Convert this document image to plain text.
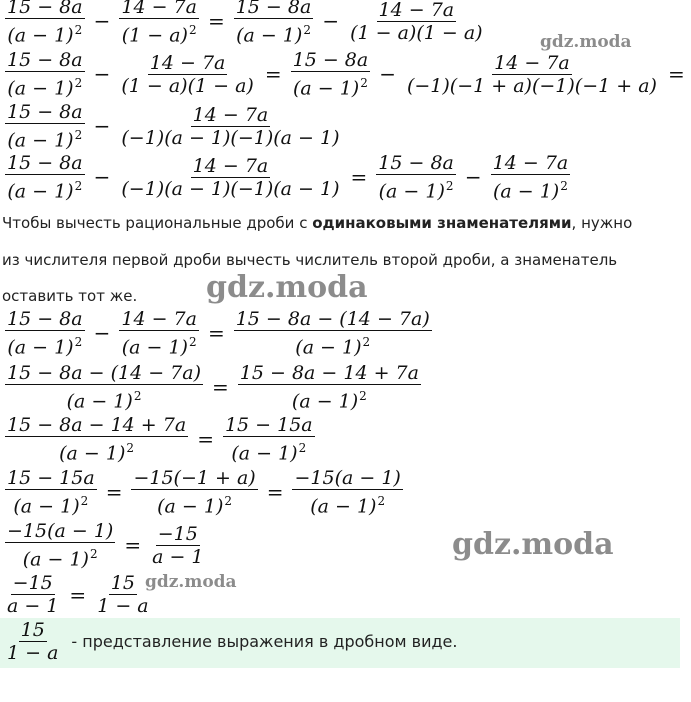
$\frac{15 - 8a}{(a - 1)^2} - \frac{14 - 7a}{(1 - a)^2} = \frac{15 - 8a}{(a - 1)^2} - \frac{14 - 7a}{(1 - a)(1 - a)}$
$\frac{15 - 8a}{(a - 1)^2} - \frac{14 - 7a}{(1 - a)(1 - a)} = \frac{15 - 8a}{(a - 1)^2} - \frac{14 - 7a}{(-1)(-1 + a)(-1)(-1 + a)}$ =
$\frac{15 - 8a}{(a - 1)^2} - \frac{14 - 7a}{(-1)(a - 1)(-1)(a - 1)}$
$\frac{15 - 8a}{(a - 1)^2} - \frac{14 - 7a}{(-1)(a - 1)(-1)(a - 1)} = \frac{15 - 8a}{(a - 1)^2} - \frac{14 - 7a}{(a - 1)^2}$
Чтобы вычесть рациональные дроби с одинаковыми знаменателями, нужно
из числителя первой дроби вычесть числитель второй дроби, а знаменатель
оставить тот же.
$\frac{15 - 8a}{(a - 1)^2} - \frac{14 - 7a}{(a - 1)^2} = \frac{15 - 8a - (14 - 7a)}{(a - 1)^2}$
$\frac{15 - 8a - (14 - 7a)}{(a - 1)^2} = \frac{15 - 8a - 14 + 7a}{(a - 1)^2}$
$\frac{15 - 8a - 14 + 7a}{(a - 1)^2} = \frac{15 - 15a}{(a - 1)^2}$
$\frac{15 - 15a}{(a - 1)^2} = \frac{-15(-1 + a)}{(a - 1)^2} = \frac{-15(a - 1)}{(a - 1)^2}$
$\frac{-15(a - 1)}{(a - 1)^2} = \frac{-15}{a - 1}$
$\frac{-15}{a - 1} = \frac{15}{1 - a}$
$\frac{15}{1 - a}$ - представление выражения в дробном виде.
gdz.moda
gdz.moda
gdz.moda
gdz.moda
